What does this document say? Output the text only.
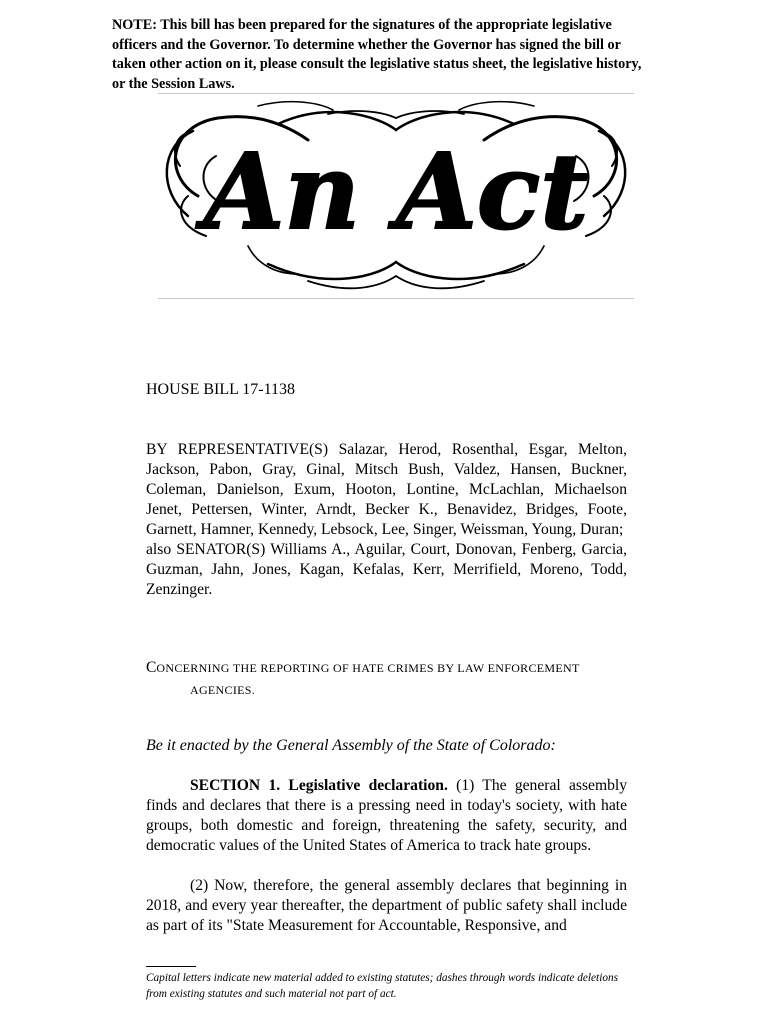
NOTE: This bill has been prepared for the signatures of the appropriate legislative officers and the Governor. To determine whether the Governor has signed the bill or taken other action on it, please consult the legislative status sheet, the legislative history, or the Session Laws.

An Act

HOUSE BILL 17-1138

BY REPRESENTATIVE(S) Salazar, Herod, Rosenthal, Esgar, Melton, Jackson, Pabon, Gray, Ginal, Mitsch Bush, Valdez, Hansen, Buckner, Coleman, Danielson, Exum, Hooton, Lontine, McLachlan, Michaelson Jenet, Pettersen, Winter, Arndt, Becker K., Benavidez, Bridges, Foote, Garnett, Hamner, Kennedy, Lebsock, Lee, Singer, Weissman, Young, Duran;

also SENATOR(S) Williams A., Aguilar, Court, Donovan, Fenberg, Garcia, Guzman, Jahn, Jones, Kagan, Kefalas, Kerr, Merrifield, Moreno, Todd, Zenzinger.

CONCERNING THE REPORTING OF HATE CRIMES BY LAW ENFORCEMENT
AGENCIES.

Be it enacted by the General Assembly of the State of Colorado:

SECTION 1. Legislative declaration. (1) The general assembly finds and declares that there is a pressing need in today's society, with hate groups, both domestic and foreign, threatening the safety, security, and democratic values of the United States of America to track hate groups.

(2) Now, therefore, the general assembly declares that beginning in 2018, and every year thereafter, the department of public safety shall include as part of its "State Measurement for Accountable, Responsive, and

Capital letters indicate new material added to existing statutes; dashes through words indicate deletions from existing statutes and such material not part of act.
